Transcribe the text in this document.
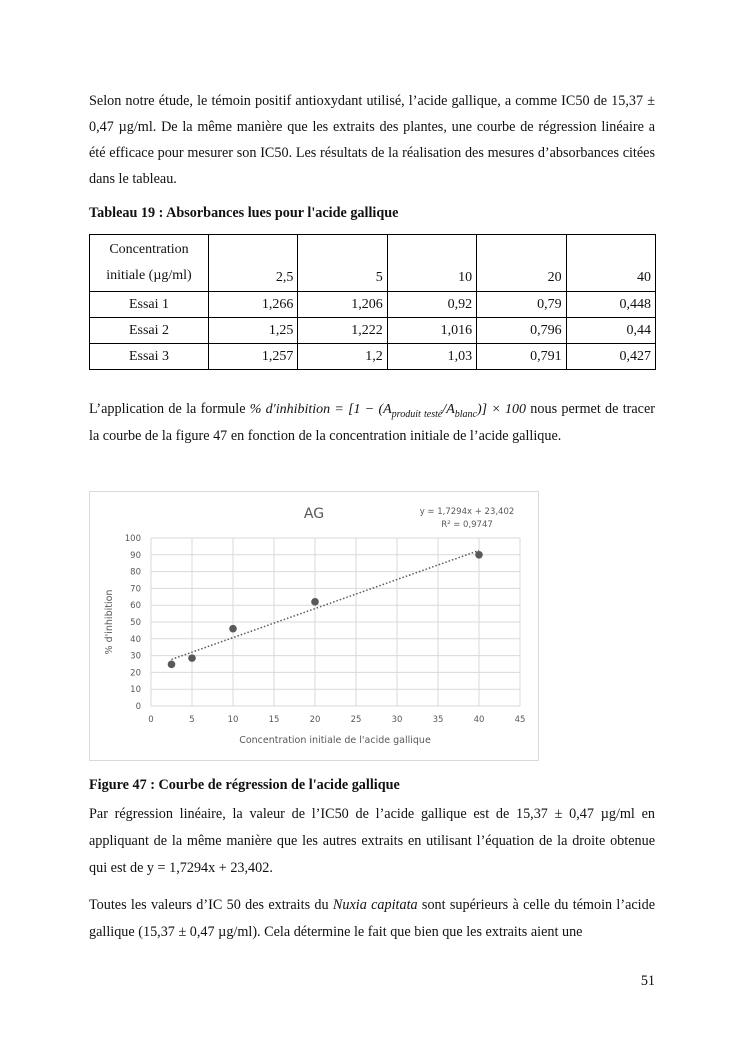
Selon notre étude, le témoin positif antioxydant utilisé, l’acide gallique, a comme IC50 de 15,37 ± 0,47 µg/ml. De la même manière que les extraits des plantes, une courbe de régression linéaire a été efficace pour mesurer son IC50. Les résultats de la réalisation des mesures d’absorbances citées dans le tableau.
Tableau 19 : Absorbances lues pour l'acide gallique
Concentration initiale (µg/ml)	2,5	5	10	20	40
Essai 1	1,266	1,206	0,92	0,79	0,448
Essai 2	1,25	1,222	1,016	0,796	0,44
Essai 3	1,257	1,2	1,03	0,791	0,427
L’application de la formule % d′inhibition = $[1 - (A_{produit testé}/A_{blanc})] \times 100$ nous permet de tracer la courbe de la figure 47 en fonction de la concentration initiale de l’acide gallique.
AG	y = 1,7294x + 23,402
R² = 0,9747
Concentration initiale de l'acide gallique
% d'inhibition
0
10
20
30
40
50
60
70
80
90
100
0	5	10	15	20	25	30	35	40	45
Figure 47 : Courbe de régression de l'acide gallique
Par régression linéaire, la valeur de l’IC50 de l’acide gallique est de 15,37 ± 0,47 µg/ml en appliquant de la même manière que les autres extraits en utilisant l’équation de la droite obtenue qui est de y = 1,7294x + 23,402.
Toutes les valeurs d’IC 50 des extraits du Nuxia capitata sont supérieurs à celle du témoin l’acide gallique (15,37 ± 0,47 µg/ml). Cela détermine le fait que bien que les extraits aient une
51
